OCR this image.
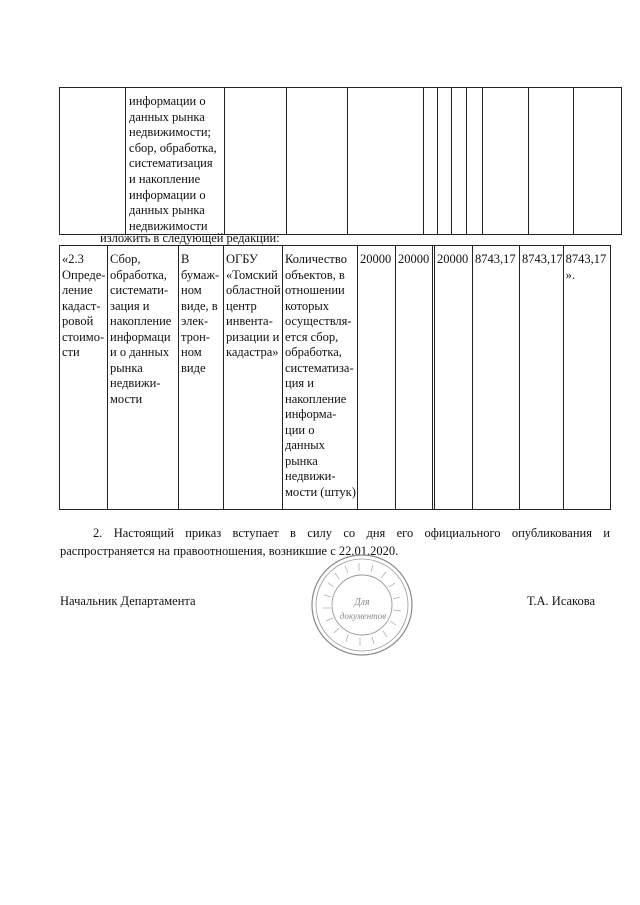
	информации о данных рынка недвижимости; сбор, обработка, систематизация и накопление информации о данных рынка недвижимости										
изложить в следующей редакции:
«2.3 Опреде-ление кадаст-ровой стоимо-сти	Сбор, обработка, системати-зация и накопление информаци и о данных рынка недвижи-мости	В бумаж-ном виде, в элек-трон-ном виде	ОГБУ «Томский областной центр инвента-ризации и кадастра»	Количество объектов, в отношении которых осуществля-ется сбор, обработка, систематиза-ция и накопление информа-ции о данных рынка недвижи-мости (штук)	20000	20000		20000	8743,17	8743,17	8743,17 ».
2. Настоящий приказ вступает в силу со дня его официального опубликования и
распространяется на правоотношения, возникшие с 22.01.2020.
Начальник Департамента	Т.А. Исакова
Для
документов
